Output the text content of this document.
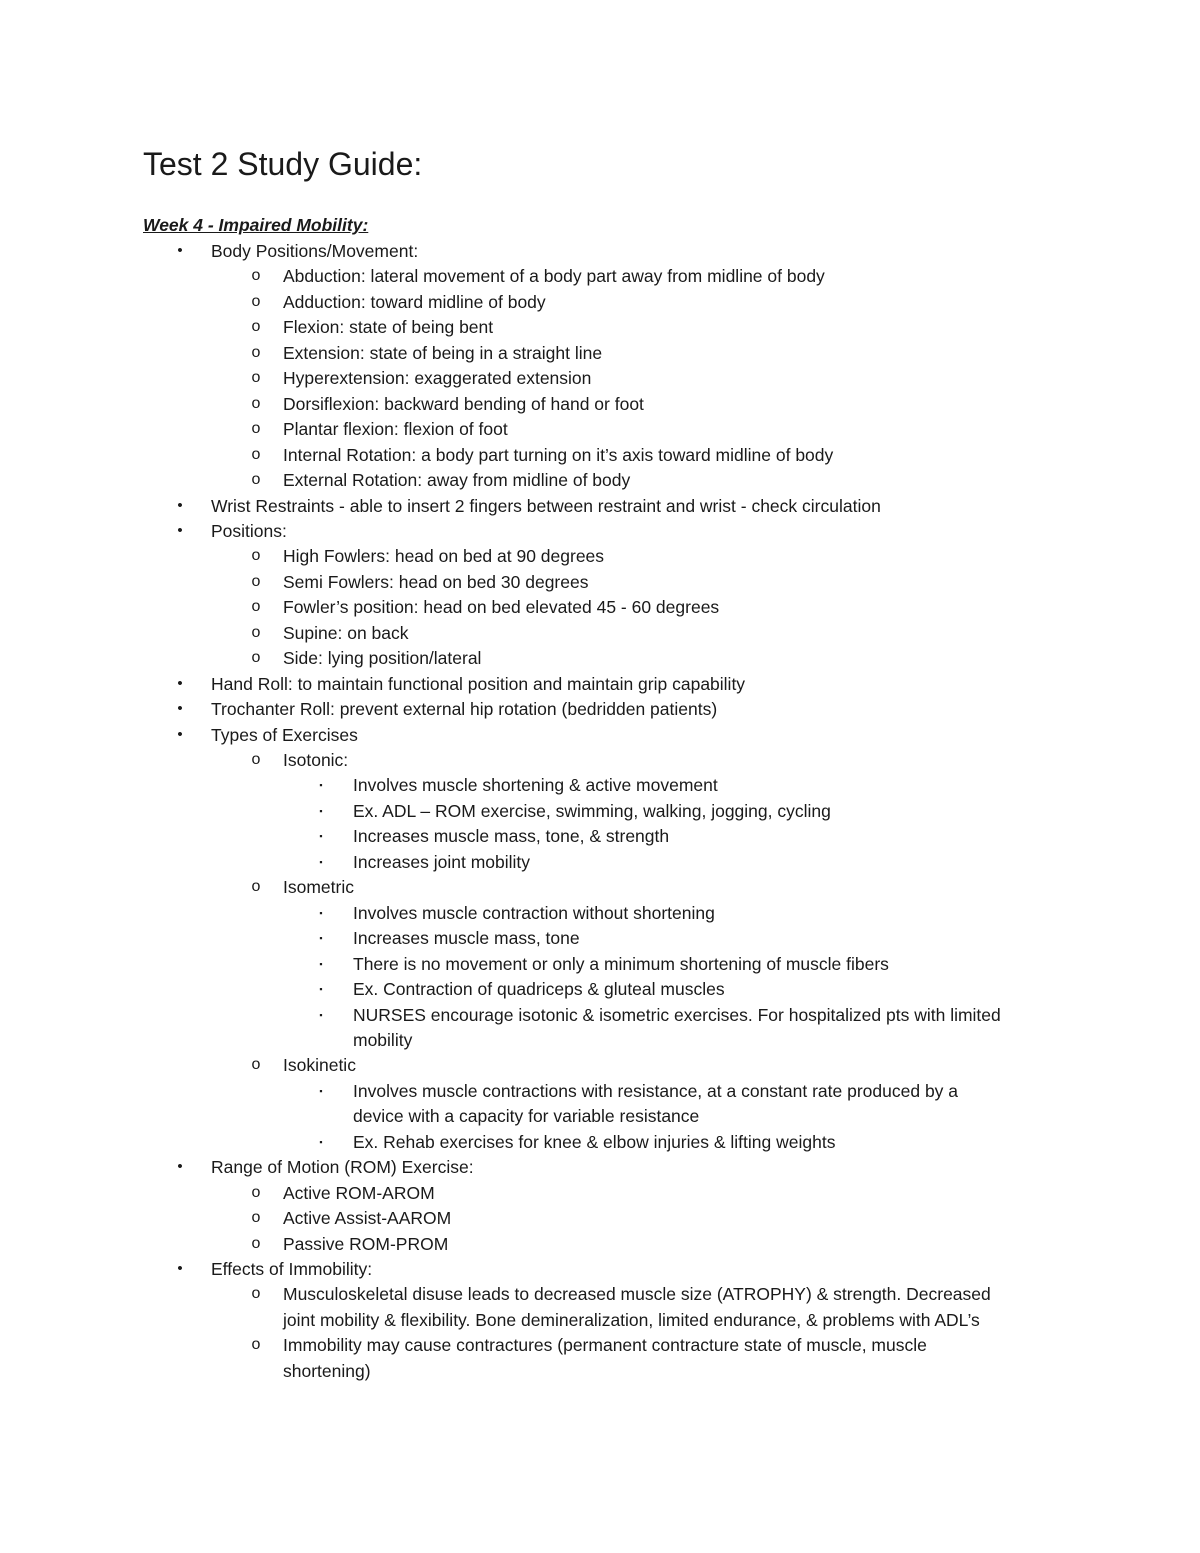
Test 2 Study Guide:
Week 4 - Impaired Mobility:
•	Body Positions/Movement:
o Abduction: lateral movement of a body part away from midline of body
o Adduction: toward midline of body
o Flexion: state of being bent
o Extension: state of being in a straight line
o Hyperextension: exaggerated extension
o Dorsiflexion: backward bending of hand or foot
o Plantar flexion: flexion of foot
o Internal Rotation: a body part turning on it’s axis toward midline of body
o External Rotation: away from midline of body
•	Wrist Restraints - able to insert 2 fingers between restraint and wrist - check circulation
•	Positions:
o High Fowlers: head on bed at 90 degrees
o Semi Fowlers: head on bed 30 degrees
o Fowler’s position: head on bed elevated 45 - 60 degrees
o Supine: on back
o Side: lying position/lateral
•	Hand Roll: to maintain functional position and maintain grip capability
•	Trochanter Roll: prevent external hip rotation (bedridden patients)
•	Types of Exercises
o Isotonic:
▪	Involves muscle shortening & active movement
▪	Ex. ADL – ROM exercise, swimming, walking, jogging, cycling
▪	Increases muscle mass, tone, & strength
▪	Increases joint mobility
o Isometric
▪	Involves muscle contraction without shortening
▪	Increases muscle mass, tone
▪	There is no movement or only a minimum shortening of muscle fibers
▪	Ex. Contraction of quadriceps & gluteal muscles
▪	NURSES encourage isotonic & isometric exercises. For hospitalized pts with limited
mobility
o Isokinetic
▪	Involves muscle contractions with resistance, at a constant rate produced by a
device with a capacity for variable resistance
▪	Ex. Rehab exercises for knee & elbow injuries & lifting weights
•	Range of Motion (ROM) Exercise:
o Active ROM-AROM
o Active Assist-AAROM
o Passive ROM-PROM
•	Effects of Immobility:
o Musculoskeletal disuse leads to decreased muscle size (ATROPHY) & strength. Decreased
joint mobility & flexibility. Bone demineralization, limited endurance, & problems with ADL’s
o Immobility may cause contractures (permanent contracture state of muscle, muscle
shortening)
